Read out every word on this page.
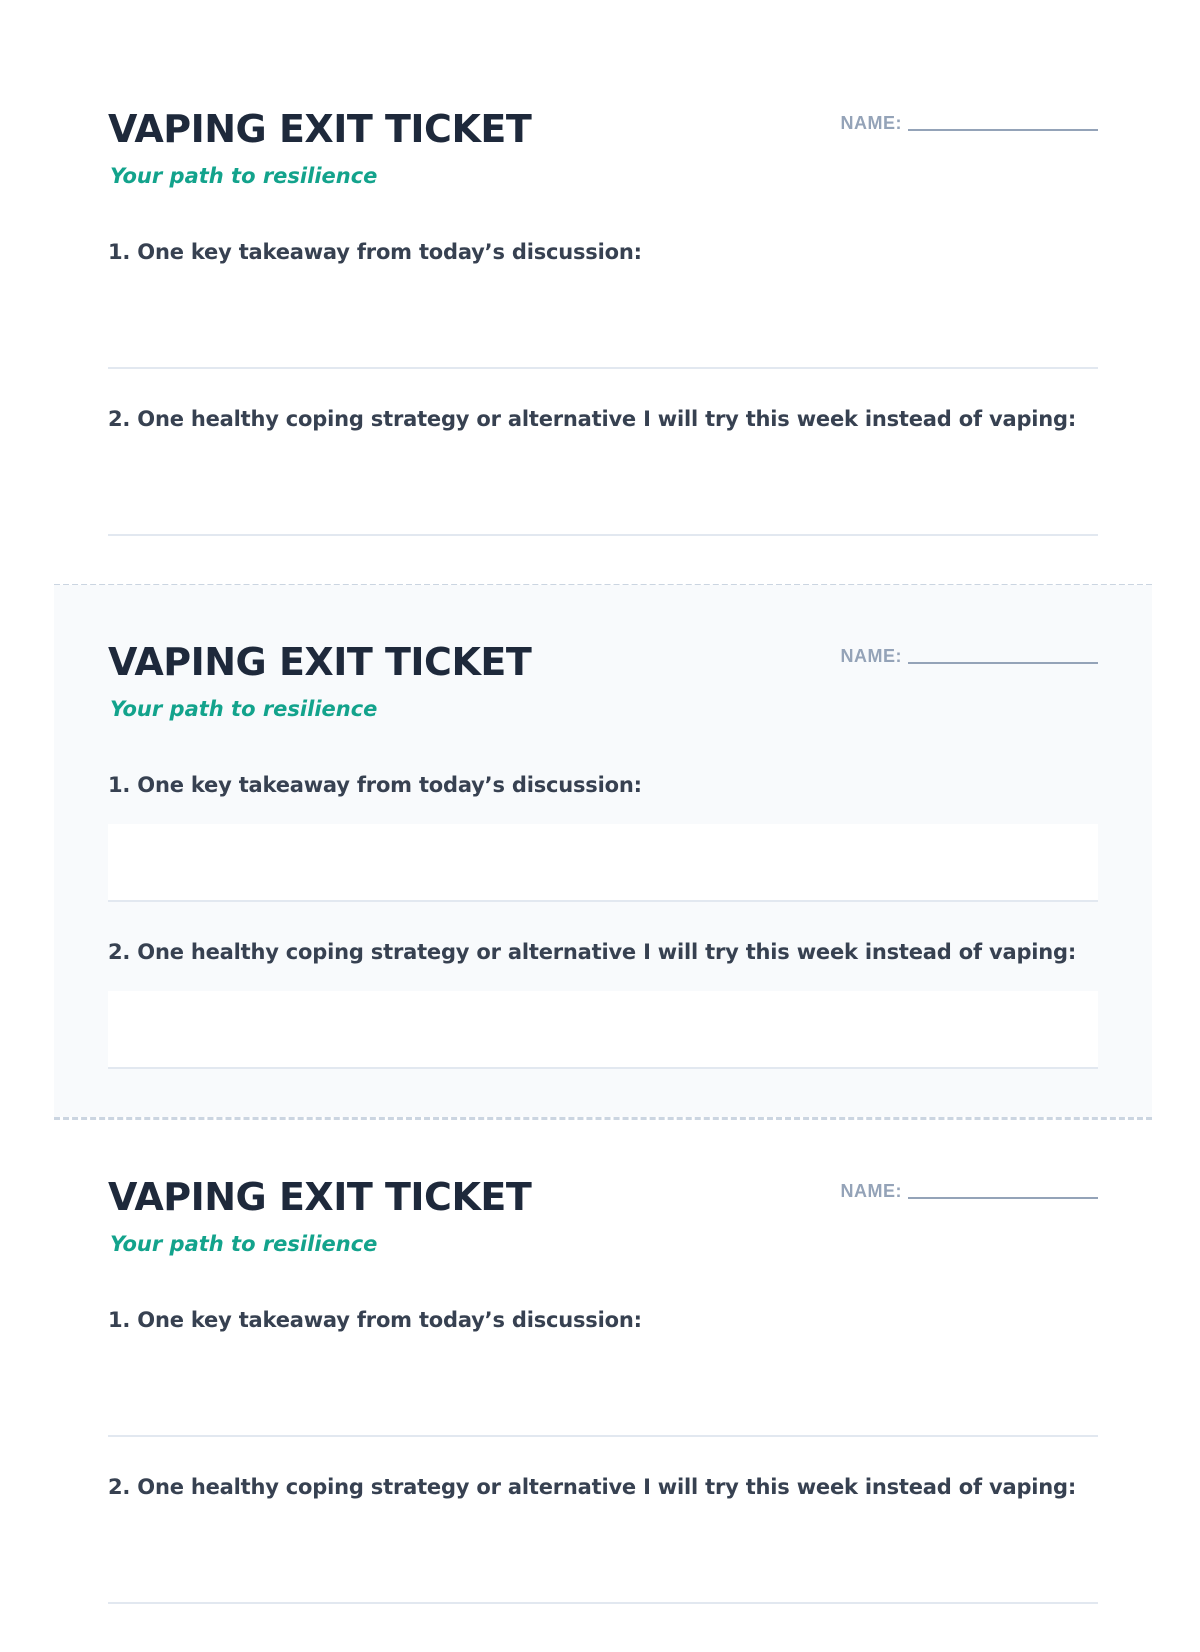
VAPING EXIT TICKET

Your path to resilience

NAME:

1. One key takeaway from today’s discussion:

2. One healthy coping strategy or alternative I will try this week instead of vaping:

VAPING EXIT TICKET

Your path to resilience

NAME:

1. One key takeaway from today’s discussion:

2. One healthy coping strategy or alternative I will try this week instead of vaping:

VAPING EXIT TICKET

Your path to resilience

NAME:

1. One key takeaway from today’s discussion:

2. One healthy coping strategy or alternative I will try this week instead of vaping:
